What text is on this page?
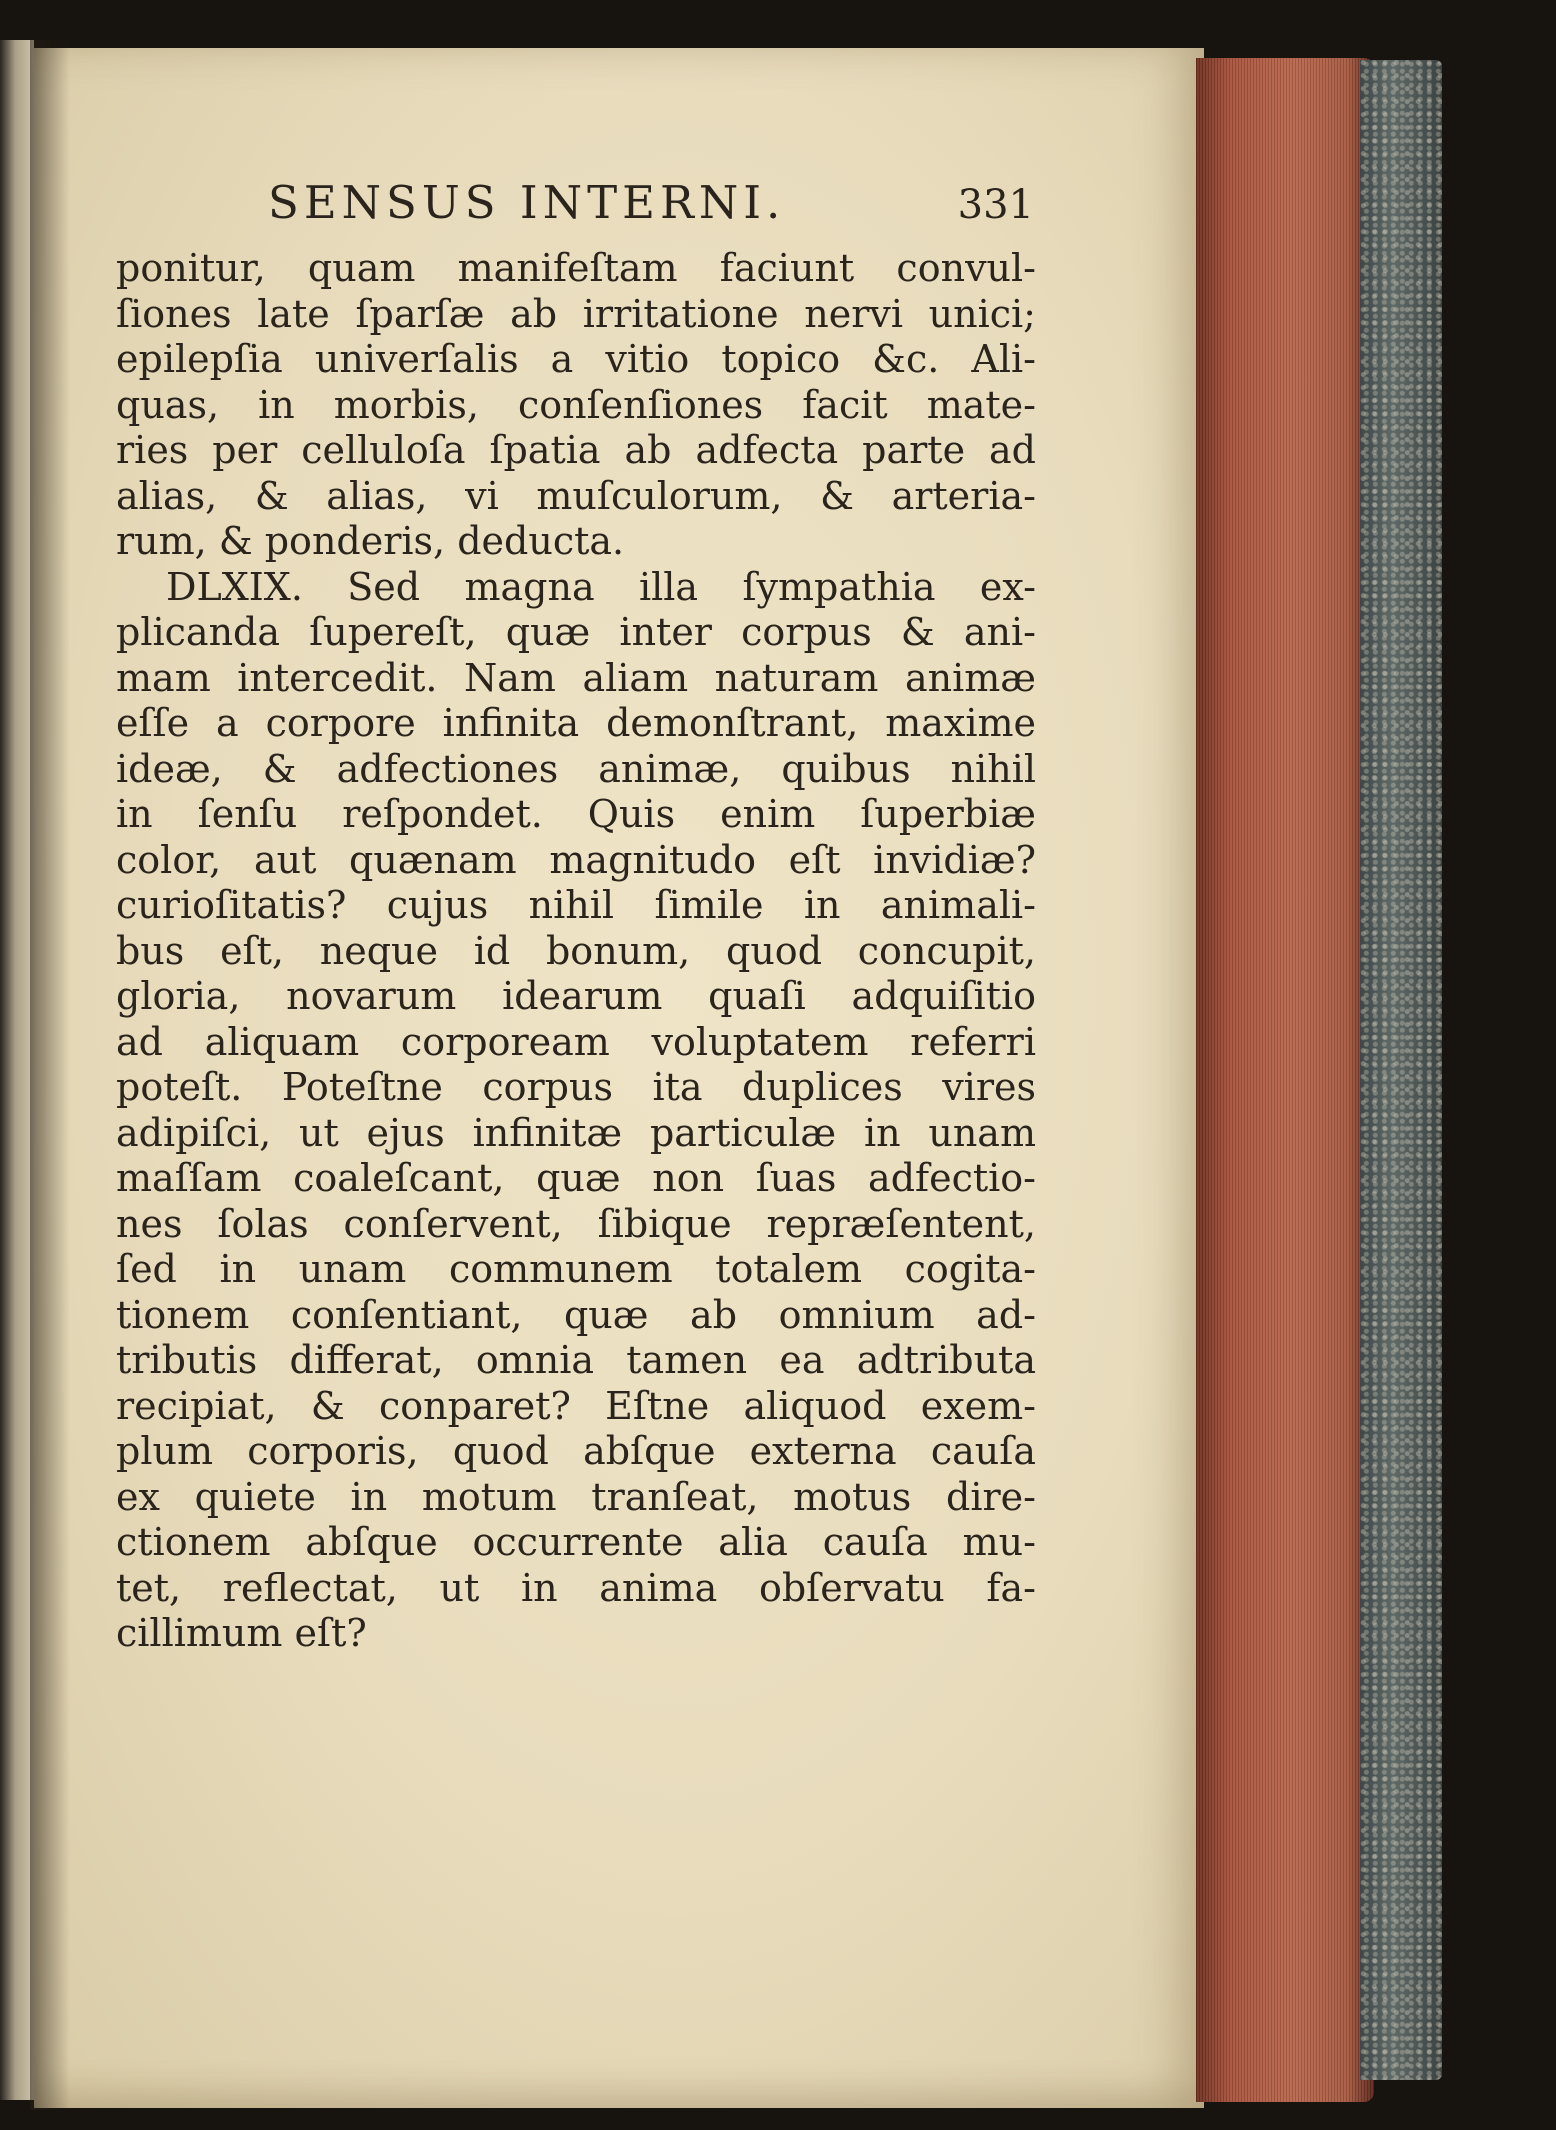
SENSUS INTERNI.	331
ponitur, quam manifeſtam faciunt convul-
ſiones late ſparſæ ab irritatione nervi unici;
epilepſia univerſalis a vitio topico &c. Ali-
quas, in morbis, conſenſiones facit mate-
ries per celluloſa ſpatia ab adfecta parte ad
alias, & alias, vi muſculorum, & arteria-
rum, & ponderis, deducta.
DLXIX. Sed magna illa ſympathia ex-
plicanda ſupereſt, quæ inter corpus & ani-
mam intercedit. Nam aliam naturam animæ
eſſe a corpore infinita demonſtrant, maxime
ideæ, & adfectiones animæ, quibus nihil
in ſenſu reſpondet. Quis enim ſuperbiæ
color, aut quænam magnitudo eſt invidiæ?
curioſitatis? cujus nihil ſimile in animali-
bus eſt, neque id bonum, quod concupit,
gloria, novarum idearum quaſi adquiſitio
ad aliquam corpoream voluptatem referri
poteſt. Poteſtne corpus ita duplices vires
adipiſci, ut ejus infinitæ particulæ in unam
maſſam coaleſcant, quæ non ſuas adfectio-
nes ſolas conſervent, ſibique repræſentent,
ſed in unam communem totalem cogita-
tionem conſentiant, quæ ab omnium ad-
tributis differat, omnia tamen ea adtributa
recipiat, & conparet? Eſtne aliquod exem-
plum corporis, quod abſque externa cauſa
ex quiete in motum tranſeat, motus dire-
ctionem abſque occurrente alia cauſa mu-
tet, reflectat, ut in anima obſervatu fa-
cillimum eſt?
